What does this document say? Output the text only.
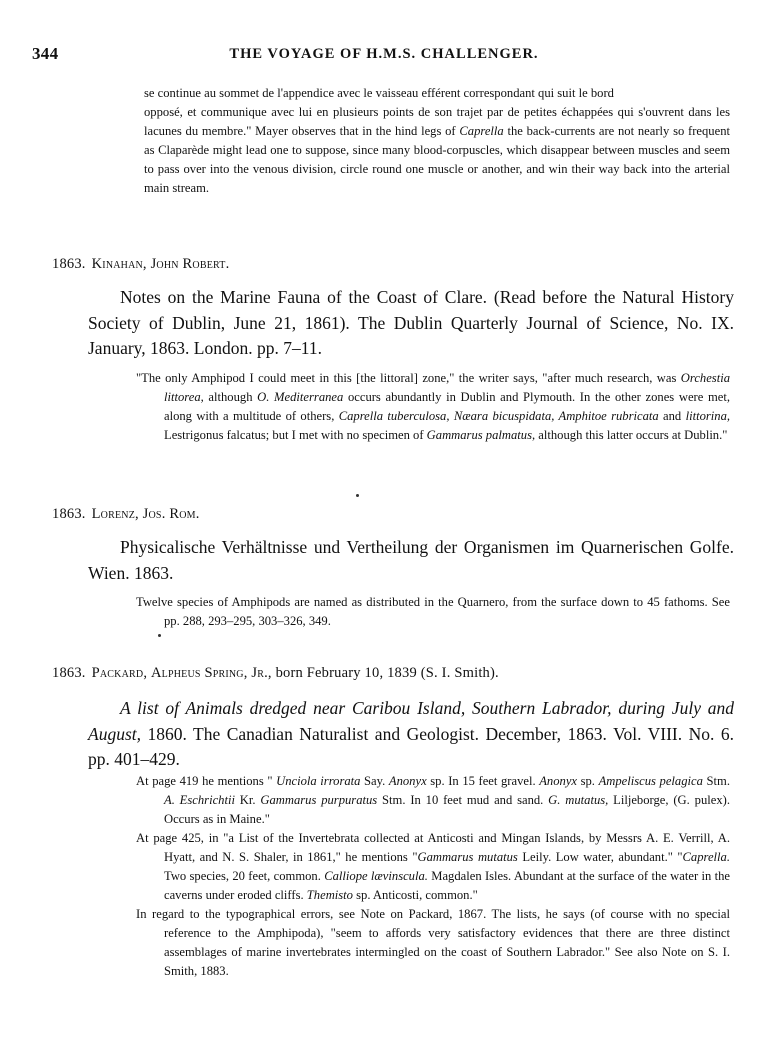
344	THE VOYAGE OF H.M.S. CHALLENGER.

se continue au sommet de l'appendice avec le vaisseau efférent correspondant qui suit le bord

opposé, et communique avec lui en plusieurs points de son trajet par de petites échappées qui s'ouvrent dans les lacunes du membre." Mayer observes that in the hind legs of Caprella the back-currents are not nearly so frequent as Claparède might lead one to suppose, since many blood-corpuscles, which disappear between muscles and seem to pass over into the venous division, circle round one muscle or another, and win their way back into the arterial main stream.

1863. Kinahan, John Robert.
Notes on the Marine Fauna of the Coast of Clare. (Read before the Natural History Society of Dublin, June 21, 1861). The Dublin Quarterly Journal of Science, No. IX. January, 1863. London. pp. 7–11.

"The only Amphipod I could meet in this [the littoral] zone," the writer says, "after much research, was Orchestia littorea, although O. Mediterranea occurs abundantly in Dublin and Plymouth. In the other zones were met, along with a multitude of others, Caprella tuberculosa, Næara bicuspidata, Amphitoe rubricata and littorina, Lestrigonus falcatus; but I met with no specimen of Gammarus palmatus, although this latter occurs at Dublin."

1863. Lorenz, Jos. Rom.
Physicalische Verhältnisse und Vertheilung der Organismen im Quarnerischen Golfe. Wien. 1863.

Twelve species of Amphipods are named as distributed in the Quarnero, from the surface down to 45 fathoms. See pp. 288, 293–295, 303–326, 349.

1863. Packard, Alpheus Spring, Jr., born February 10, 1839 (S. I. Smith).
A list of Animals dredged near Caribou Island, Southern Labrador, during July and August, 1860. The Canadian Naturalist and Geologist. December, 1863. Vol. VIII. No. 6. pp. 401–429.

At page 419 he mentions " Unciola irrorata Say. Anonyx sp. In 15 feet gravel. Anonyx sp. Ampeliscus pelagica Stm. A. Eschrichtii Kr. Gammarus purpuratus Stm. In 10 feet mud and sand. G. mutatus, Liljeborge, (G. pulex). Occurs as in Maine."

At page 425, in "a List of the Invertebrata collected at Anticosti and Mingan Islands, by Messrs A. E. Verrill, A. Hyatt, and N. S. Shaler, in 1861," he mentions "Gammarus mutatus Leily. Low water, abundant." "Caprella. Two species, 20 feet, common. Calliope lævinscula. Magdalen Isles. Abundant at the surface of the water in the caverns under eroded cliffs. Themisto sp. Anticosti, common."

In regard to the typographical errors, see Note on Packard, 1867. The lists, he says (of course with no special reference to the Amphipoda), "seem to affords very satisfactory evidences that there are three distinct assemblages of marine invertebrates intermingled on the coast of Southern Labrador." See also Note on S. I. Smith, 1883.
